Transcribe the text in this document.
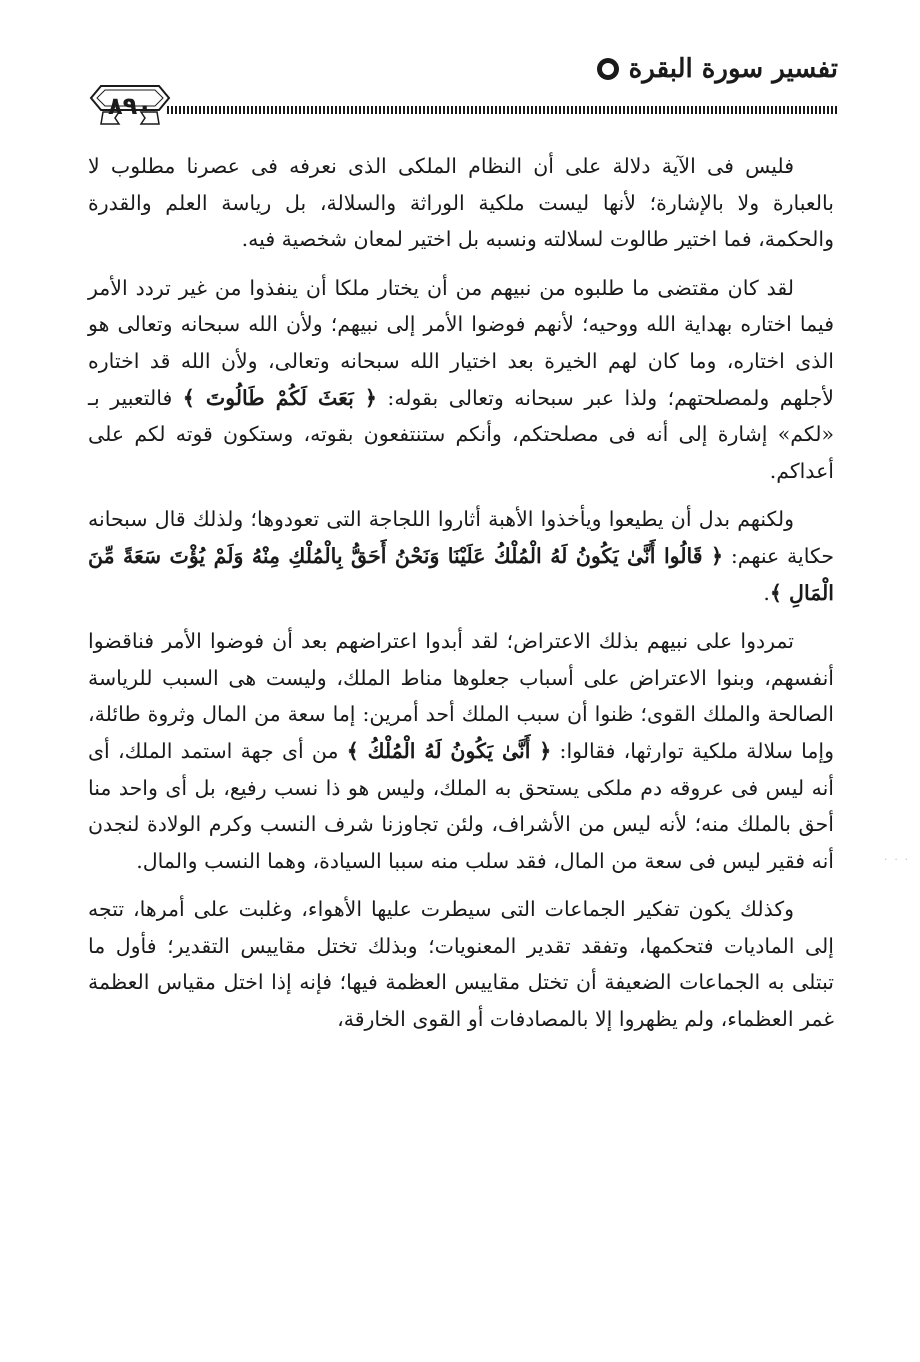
تفسير سورة البقرة
٨٩٠

فليس فى الآية دلالة على أن النظام الملكى الذى نعرفه فى عصرنا مطلوب لا بالعبارة ولا بالإشارة؛ لأنها ليست ملكية الوراثة والسلالة، بل رياسة العلم والقدرة والحكمة، فما اختير طالوت لسلالته ونسبه بل اختير لمعان شخصية فيه.

لقد كان مقتضى ما طلبوه من نبيهم من أن يختار ملكا أن ينفذوا من غير تردد الأمر فيما اختاره بهداية الله ووحيه؛ لأنهم فوضوا الأمر إلى نبيهم؛ ولأن الله سبحانه وتعالى هو الذى اختاره، وما كان لهم الخيرة بعد اختيار الله سبحانه وتعالى، ولأن الله قد اختاره لأجلهم ولمصلحتهم؛ ولذا عبر سبحانه وتعالى بقوله: ﴿ بَعَثَ لَكُمْ طَالُوتَ ﴾ فالتعبير بـ «لكم» إشارة إلى أنه فى مصلحتكم، وأنكم ستنتفعون بقوته، وستكون قوته لكم على أعداكم.

ولكنهم بدل أن يطيعوا ويأخذوا الأهبة أثاروا اللجاجة التى تعودوها؛ ولذلك قال سبحانه حكاية عنهم: ﴿ قَالُوا أَنَّىٰ يَكُونُ لَهُ الْمُلْكُ عَلَيْنَا وَنَحْنُ أَحَقُّ بِالْمُلْكِ مِنْهُ وَلَمْ يُؤْتَ سَعَةً مِّنَ الْمَالِ ﴾.

تمردوا على نبيهم بذلك الاعتراض؛ لقد أبدوا اعتراضهم بعد أن فوضوا الأمر فناقضوا أنفسهم، وبنوا الاعتراض على أسباب جعلوها مناط الملك، وليست هى السبب للرياسة الصالحة والملك القوى؛ ظنوا أن سبب الملك أحد أمرين: إما سعة من المال وثروة طائلة، وإما سلالة ملكية توارثها، فقالوا: ﴿ أَنَّىٰ يَكُونُ لَهُ الْمُلْكُ ﴾ من أى جهة استمد الملك، أى أنه ليس فى عروقه دم ملكى يستحق به الملك، وليس هو ذا نسب رفيع، بل أى واحد منا أحق بالملك منه؛ لأنه ليس من الأشراف، ولئن تجاوزنا شرف النسب وكرم الولادة لنجدن أنه فقير ليس فى سعة من المال، فقد سلب منه سببا السيادة، وهما النسب والمال.

وكذلك يكون تفكير الجماعات التى سيطرت عليها الأهواء، وغلبت على أمرها، تتجه إلى الماديات فتحكمها، وتفقد تقدير المعنويات؛ وبذلك تختل مقاييس التقدير؛ فأول ما تبتلى به الجماعات الضعيفة أن تختل مقاييس العظمة فيها؛ فإنه إذا اختل مقياس العظمة غمر العظماء، ولم يظهروا إلا بالمصادفات أو القوى الخارقة،

· · ·
